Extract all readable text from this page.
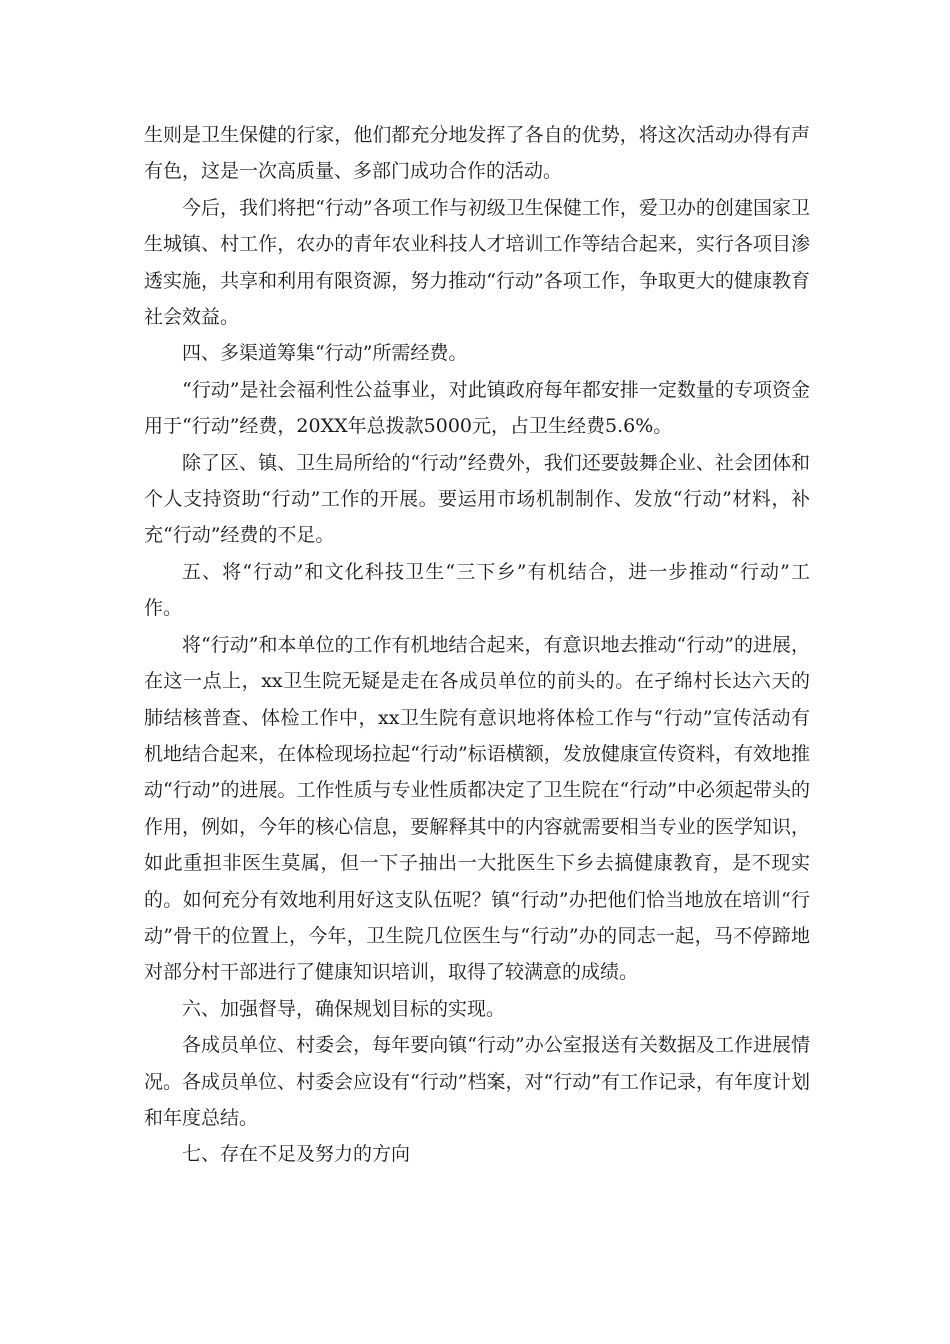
生则是卫生保健的行家，他们都充分地发挥了各自的优势，将这次活动办得有声有色，这是一次高质量、多部门成功合作的活动。

今后，我们将把“行动”各项工作与初级卫生保健工作，爱卫办的创建国家卫生城镇、村工作，农办的青年农业科技人才培训工作等结合起来，实行各项目渗透实施，共享和利用有限资源，努力推动“行动”各项工作，争取更大的健康教育社会效益。

四、多渠道筹集“行动”所需经费。

“行动”是社会福利性公益事业，对此镇政府每年都安排一定数量的专项资金用于“行动”经费，20XX年总拨款5000元，占卫生经费5.6%。

除了区、镇、卫生局所给的“行动”经费外，我们还要鼓舞企业、社会团体和个人支持资助“行动”工作的开展。要运用市场机制制作、发放“行动”材料，补充“行动”经费的不足。

五、将“行动”和文化科技卫生“三下乡”有机结合，进一步推动“行动”工作。

将“行动”和本单位的工作有机地结合起来，有意识地去推动“行动”的进展，在这一点上，xx卫生院无疑是走在各成员单位的前头的。在孑绵村长达六天的肺结核普查、体检工作中，xx卫生院有意识地将体检工作与“行动”宣传活动有机地结合起来，在体检现场拉起“行动”标语横额，发放健康宣传资料，有效地推动“行动”的进展。工作性质与专业性质都决定了卫生院在“行动”中必须起带头的作用，例如，今年的核心信息，要解释其中的内容就需要相当专业的医学知识，如此重担非医生莫属，但一下子抽出一大批医生下乡去搞健康教育，是不现实的。如何充分有效地利用好这支队伍呢？镇“行动”办把他们恰当地放在培训“行动”骨干的位置上，今年，卫生院几位医生与“行动”办的同志一起，马不停蹄地对部分村干部进行了健康知识培训，取得了较满意的成绩。

六、加强督导，确保规划目标的实现。

各成员单位、村委会，每年要向镇“行动”办公室报送有关数据及工作进展情况。各成员单位、村委会应设有“行动”档案，对“行动”有工作记录，有年度计划和年度总结。

七、存在不足及努力的方向
